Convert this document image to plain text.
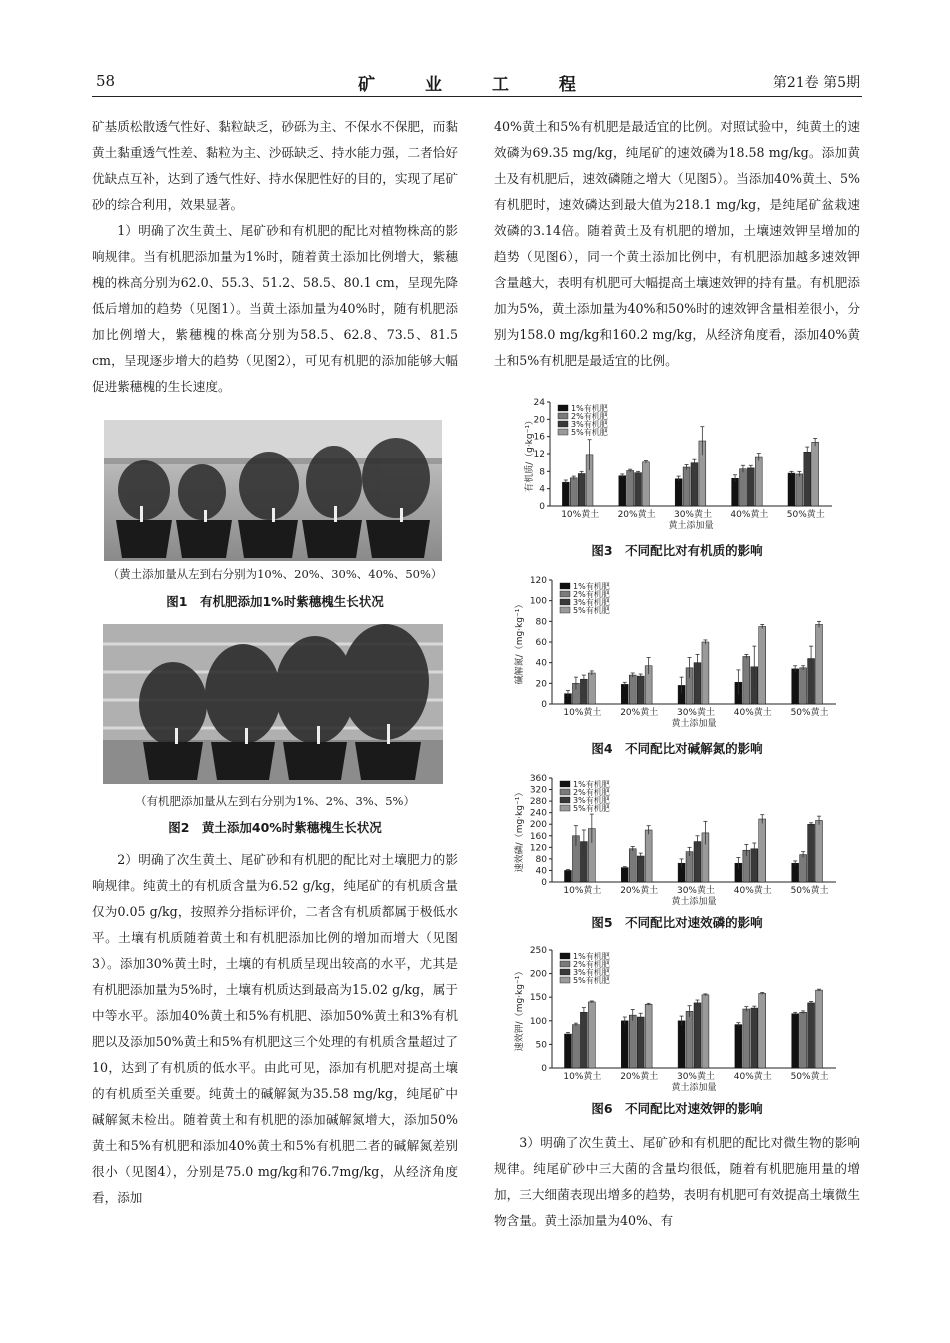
58	矿 业 工 程	第21卷 第5期

矿基质松散透气性好、黏粒缺乏，砂砾为主、不保水不保肥，而黏黄土黏重透气性差、黏粒为主、沙砾缺乏、持水能力强，二者恰好优缺点互补，达到了透气性好、持水保肥性好的目的，实现了尾矿砂的综合利用，效果显著。

1）明确了次生黄土、尾矿砂和有机肥的配比对植物株高的影响规律。当有机肥添加量为1%时，随着黄土添加比例增大，紫穗槐的株高分别为62.0、55.3、51.2、58.5、80.1 cm，呈现先降低后增加的趋势（见图1）。当黄土添加量为40%时，随有机肥添加比例增大，紫穗槐的株高分别为58.5、62.8、73.5、81.5 cm，呈现逐步增大的趋势（见图2），可见有机肥的添加能够大幅促进紫穗槐的生长速度。

（黄土添加量从左到右分别为10%、20%、30%、40%、50%）
图1　有机肥添加1%时紫穗槐生长状况
（有机肥添加量从左到右分别为1%、2%、3%、5%）
图2　黄土添加40%时紫穗槐生长状况

2）明确了次生黄土、尾矿砂和有机肥的配比对土壤肥力的影响规律。纯黄土的有机质含量为6.52 g/kg，纯尾矿的有机质含量仅为0.05 g/kg，按照养分指标评价，二者含有机质都属于极低水平。土壤有机质随着黄土和有机肥添加比例的增加而增大（见图3）。添加30%黄土时，土壤的有机质呈现出较高的水平，尤其是有机肥添加量为5%时，土壤有机质达到最高为15.02 g/kg，属于中等水平。添加40%黄土和5%有机肥、添加50%黄土和3%有机肥以及添加50%黄土和5%有机肥这三个处理的有机质含量超过了10，达到了有机质的低水平。由此可见，添加有机肥对提高土壤的有机质至关重要。纯黄土的碱解氮为35.58 mg/kg，纯尾矿中碱解氮未检出。随着黄土和有机肥的添加碱解氮增大，添加50%黄土和5%有机肥和添加40%黄土和5%有机肥二者的碱解氮差别很小（见图4），分别是75.0 mg/kg和76.7mg/kg，从经济角度看，添加

40%黄土和5%有机肥是最适宜的比例。对照试验中，纯黄土的速效磷为69.35 mg/kg，纯尾矿的速效磷为18.58 mg/kg。添加黄土及有机肥后，速效磷随之增大（见图5）。当添加40%黄土、5%有机肥时，速效磷达到最大值为218.1 mg/kg，是纯尾矿盆栽速效磷的3.14倍。随着黄土及有机肥的增加，土壤速效钾呈增加的趋势（见图6），同一个黄土添加比例中，有机肥添加越多速效钾含量越大，表明有机肥可大幅提高土壤速效钾的持有量。有机肥添加为5%，黄土添加量为40%和50%时的速效钾含量相差很小，分别为158.0 mg/kg和160.2 mg/kg，从经济角度看，添加40%黄土和5%有机肥是最适宜的比例。

0
4
8
12
16
20
24
有机质/（g·kg⁻¹）
10%黄土 20%黄土 30%黄土 40%黄土 50%黄土
黄土添加量
1%有机肥
2%有机肥
3%有机肥
5%有机肥
图3　不同配比对有机质的影响
0
20
40
60
80
100
120
碱解氮/（mg·kg⁻¹）
10%黄土 20%黄土 30%黄土 40%黄土 50%黄土
黄土添加量
1%有机肥
2%有机肥
3%有机肥
5%有机肥
图4　不同配比对碱解氮的影响
0
40
80
120
160
200
240
280
320
360
速效磷/（mg·kg⁻¹）
10%黄土 20%黄土 30%黄土 40%黄土 50%黄土
黄土添加量
1%有机肥
2%有机肥
3%有机肥
5%有机肥
图5　不同配比对速效磷的影响
0
50
100
150
200
250
速效钾/（mg·kg⁻¹）
10%黄土 20%黄土 30%黄土 40%黄土 50%黄土
黄土添加量
1%有机肥
2%有机肥
3%有机肥
5%有机肥
图6　不同配比对速效钾的影响

3）明确了次生黄土、尾矿砂和有机肥的配比对微生物的影响规律。纯尾矿砂中三大菌的含量均很低，随着有机肥施用量的增加，三大细菌表现出增多的趋势，表明有机肥可有效提高土壤微生物含量。黄土添加量为40%、有
